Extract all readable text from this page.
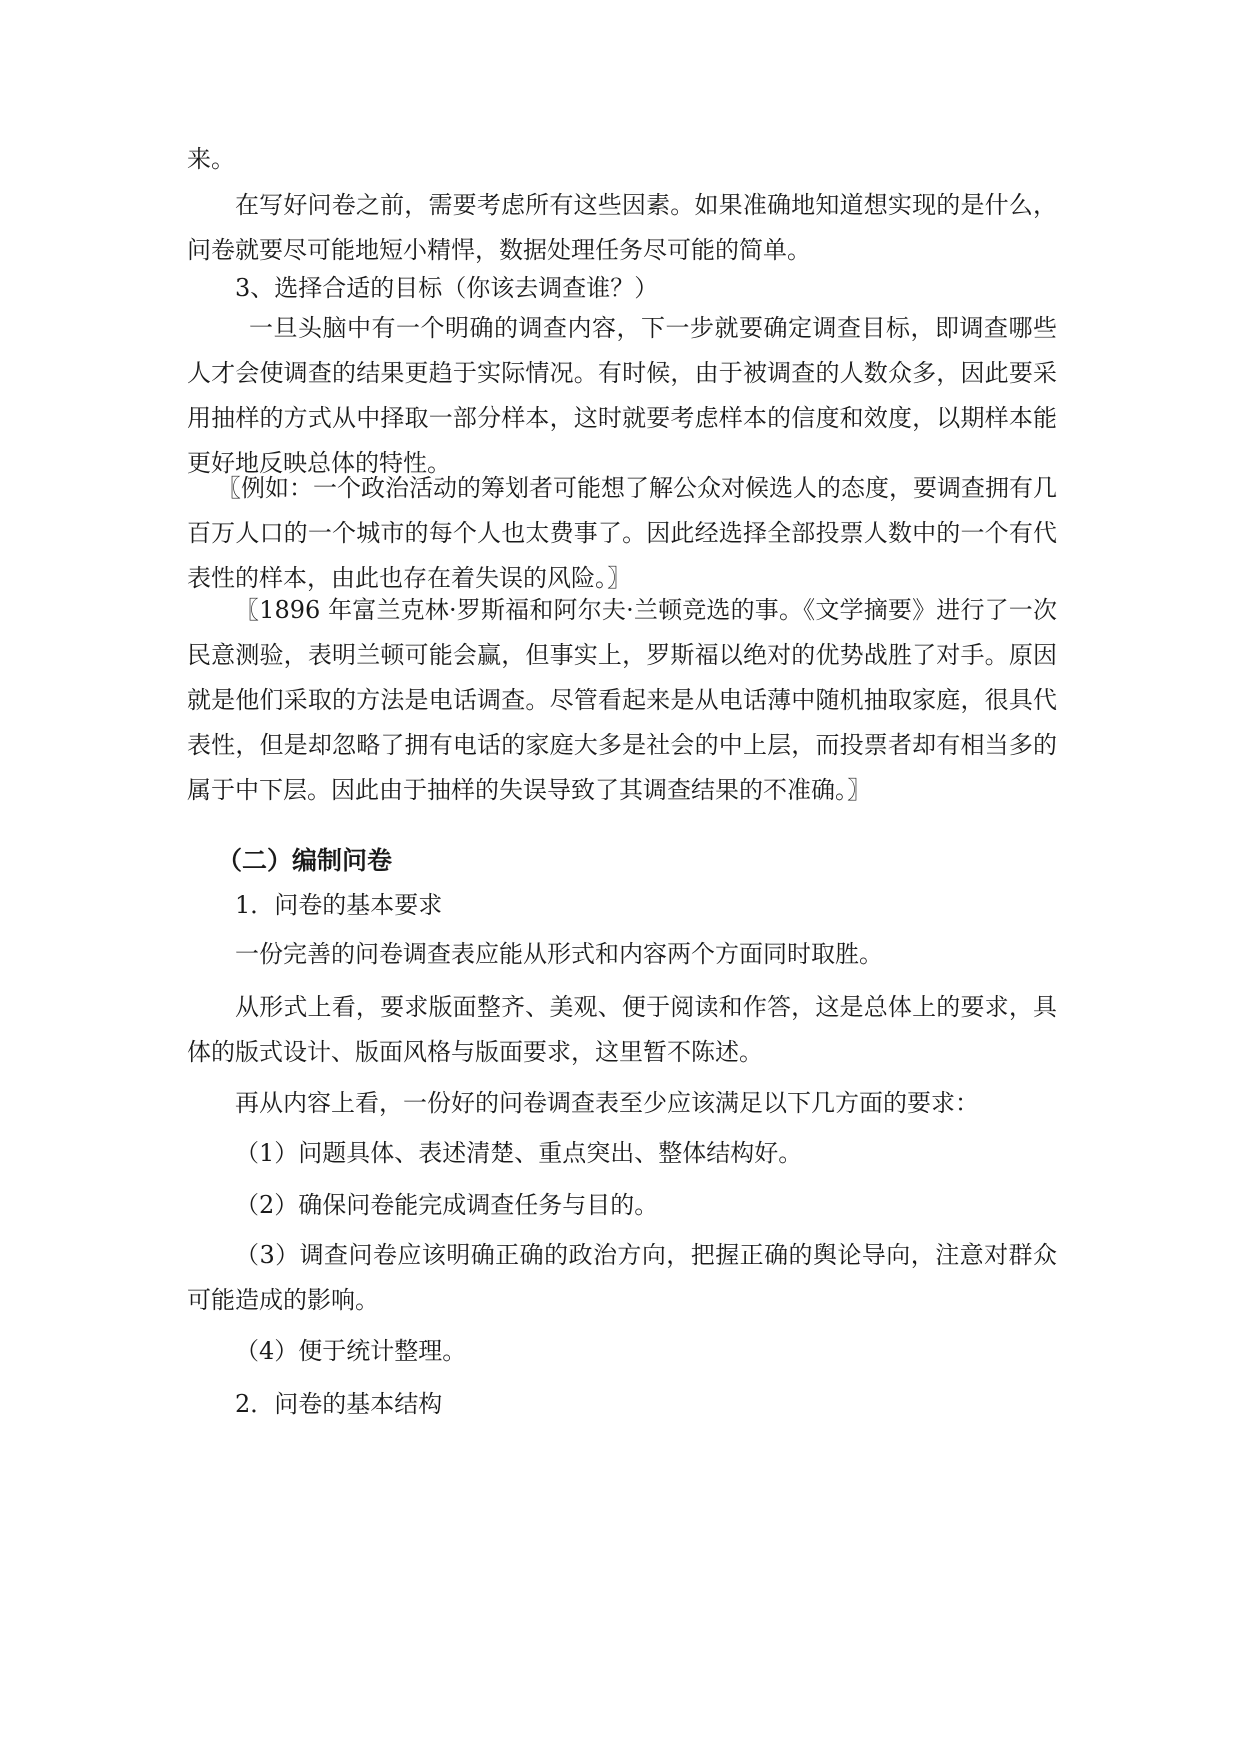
来。

在写好问卷之前，需要考虑所有这些因素。如果准确地知道想实现的是什么，问卷就要尽可能地短小精悍，数据处理任务尽可能的简单。

3、选择合适的目标（你该去调查谁？）

一旦头脑中有一个明确的调查内容，下一步就要确定调查目标，即调查哪些人才会使调查的结果更趋于实际情况。有时候，由于被调查的人数众多，因此要采用抽样的方式从中择取一部分样本，这时就要考虑样本的信度和效度，以期样本能更好地反映总体的特性。

〖例如：一个政治活动的筹划者可能想了解公众对候选人的态度，要调查拥有几百万人口的一个城市的每个人也太费事了。因此经选择全部投票人数中的一个有代表性的样本，由此也存在着失误的风险。〗

〖1896 年富兰克林·罗斯福和阿尔夫·兰顿竞选的事。《文学摘要》进行了一次民意测验，表明兰顿可能会赢，但事实上，罗斯福以绝对的优势战胜了对手。原因就是他们采取的方法是电话调查。尽管看起来是从电话薄中随机抽取家庭，很具代表性，但是却忽略了拥有电话的家庭大多是社会的中上层，而投票者却有相当多的属于中下层。因此由于抽样的失误导致了其调查结果的不准确。〗

（二）编制问卷

1．问卷的基本要求

一份完善的问卷调查表应能从形式和内容两个方面同时取胜。

从形式上看，要求版面整齐、美观、便于阅读和作答，这是总体上的要求，具体的版式设计、版面风格与版面要求，这里暂不陈述。

再从内容上看，一份好的问卷调查表至少应该满足以下几方面的要求：

（1）问题具体、表述清楚、重点突出、整体结构好。

（2）确保问卷能完成调查任务与目的。

（3）调查问卷应该明确正确的政治方向，把握正确的舆论导向，注意对群众可能造成的影响。

（4）便于统计整理。

2．问卷的基本结构
